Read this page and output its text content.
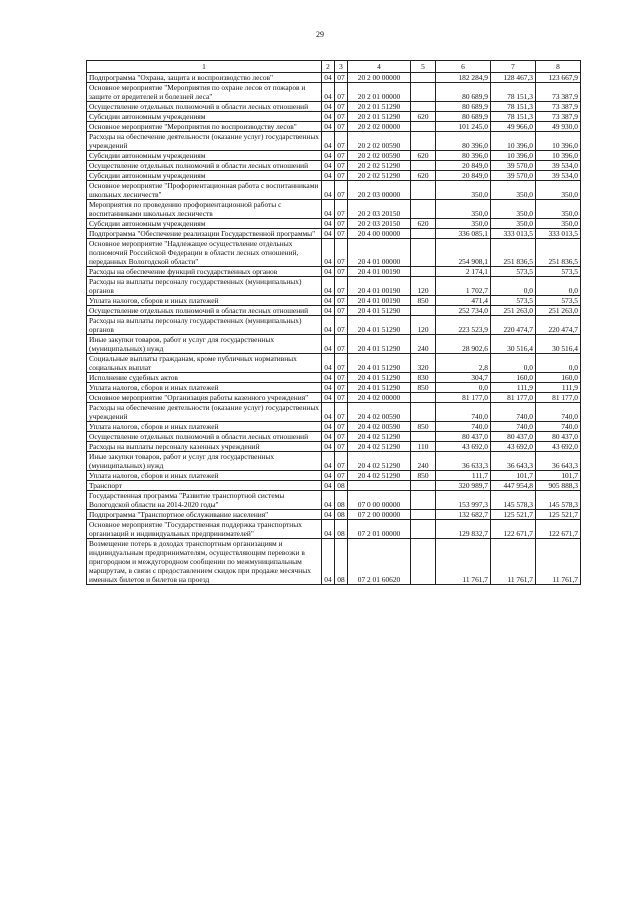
29
1	2	3	4	5	6	7	8
Подпрограмма "Охрана, защита и воспроизводство лесов"	04	07	20 2 00 00000		182 284,9	128 467,3	123 667,9
Основное мероприятие "Мероприятия по охране лесов от пожаров и защите от вредителей и болезней леса"	04	07	20 2 01 00000		80 689,9	78 151,3	73 387,9
Осуществление отдельных полномочий в области лесных отношений	04	07	20 2 01 51290		80 689,9	78 151,3	73 387,9
Субсидии автономным учреждениям	04	07	20 2 01 51290	620	80 689,9	78 151,3	73 387,9
Основное мероприятие "Мероприятия по воспроизводству лесов"	04	07	20 2 02 00000		101 245,0	49 966,0	49 930,0
Расходы на обеспечение деятельности (оказание услуг) государственных учреждений	04	07	20 2 02 00590		80 396,0	10 396,0	10 396,0
Субсидии автономным учреждениям	04	07	20 2 02 00590	620	80 396,0	10 396,0	10 396,0
Осуществление отдельных полномочий в области лесных отношений	04	07	20 2 02 51290		20 849,0	39 570,0	39 534,0
Субсидии автономным учреждениям	04	07	20 2 02 51290	620	20 849,0	39 570,0	39 534,0
Основное мероприятие "Профориентационная работа с воспитанниками школьных лесничеств"	04	07	20 2 03 00000		350,0	350,0	350,0
Мероприятия по проведению профориентационной работы с воспитанниками школьных лесничеств	04	07	20 2 03 20150		350,0	350,0	350,0
Субсидии автономным учреждениям	04	07	20 2 03 20150	620	350,0	350,0	350,0
Подпрограмма "Обеспечение реализации Государственной программы"	04	07	20 4 00 00000		336 085,1	333 013,5	333 013,5
Основное мероприятие "Надлежащее осуществление отдельных полномочий Российской Федерации в области лесных отношений, переданных Вологодской области"	04	07	20 4 01 00000		254 908,1	251 836,5	251 836,5
Расходы на обеспечение функций государственных органов	04	07	20 4 01 00190		2 174,1	573,5	573,5
Расходы на выплаты персоналу государственных (муниципальных) органов	04	07	20 4 01 00190	120	1 702,7	0,0	0,0
Уплата налогов, сборов и иных платежей	04	07	20 4 01 00190	850	471,4	573,5	573,5
Осуществление отдельных полномочий в области лесных отношений	04	07	20 4 01 51290		252 734,0	251 263,0	251 263,0
Расходы на выплаты персоналу государственных (муниципальных) органов	04	07	20 4 01 51290	120	223 523,9	220 474,7	220 474,7
Иные закупки товаров, работ и услуг для государственных (муниципальных) нужд	04	07	20 4 01 51290	240	28 902,6	30 516,4	30 516,4
Социальные выплаты гражданам, кроме публичных нормативных социальных выплат	04	07	20 4 01 51290	320	2,8	0,0	0,0
Исполнение судебных актов	04	07	20 4 01 51290	830	304,7	160,0	160,0
Уплата налогов, сборов и иных платежей	04	07	20 4 01 51290	850	0,0	111,9	111,9
Основное мероприятие "Организация работы казенного учреждения"	04	07	20 4 02 00000		81 177,0	81 177,0	81 177,0
Расходы на обеспечение деятельности (оказание услуг) государственных учреждений	04	07	20 4 02 00590		740,0	740,0	740,0
Уплата налогов, сборов и иных платежей	04	07	20 4 02 00590	850	740,0	740,0	740,0
Осуществление отдельных полномочий в области лесных отношений	04	07	20 4 02 51290		80 437,0	80 437,0	80 437,0
Расходы на выплаты персоналу казенных учреждений	04	07	20 4 02 51290	110	43 692,0	43 692,0	43 692,0
Иные закупки товаров, работ и услуг для государственных (муниципальных) нужд	04	07	20 4 02 51290	240	36 633,3	36 643,3	36 643,3
Уплата налогов, сборов и иных платежей	04	07	20 4 02 51290	850	111,7	101,7	101,7
Транспорт	04	08			320 989,7	447 954,8	905 888,3
Государственная программа "Развитие транспортной системы Вологодской области на 2014-2020 годы"	04	08	07 0 00 00000		153 997,3	145 578,3	145 578,3
Подпрограмма "Транспортное обслуживание населения"	04	08	07 2 00 00000		132 682,7	125 521,7	125 521,7
Основное мероприятие "Государственная поддержка транспортных организаций и индивидуальных предпринимателей"	04	08	07 2 01 00000		129 832,7	122 671,7	122 671,7
Возмещение потерь в доходах транспортным организациям и индивидуальным предпринимателям, осуществляющим перевозки в пригородном и междугородном сообщении по межмуниципальным маршрутам, в связи с предоставлением скидок при продаже месячных именных билетов и билетов на проезд	04	08	07 2 01 60620		11 761,7	11 761,7	11 761,7
